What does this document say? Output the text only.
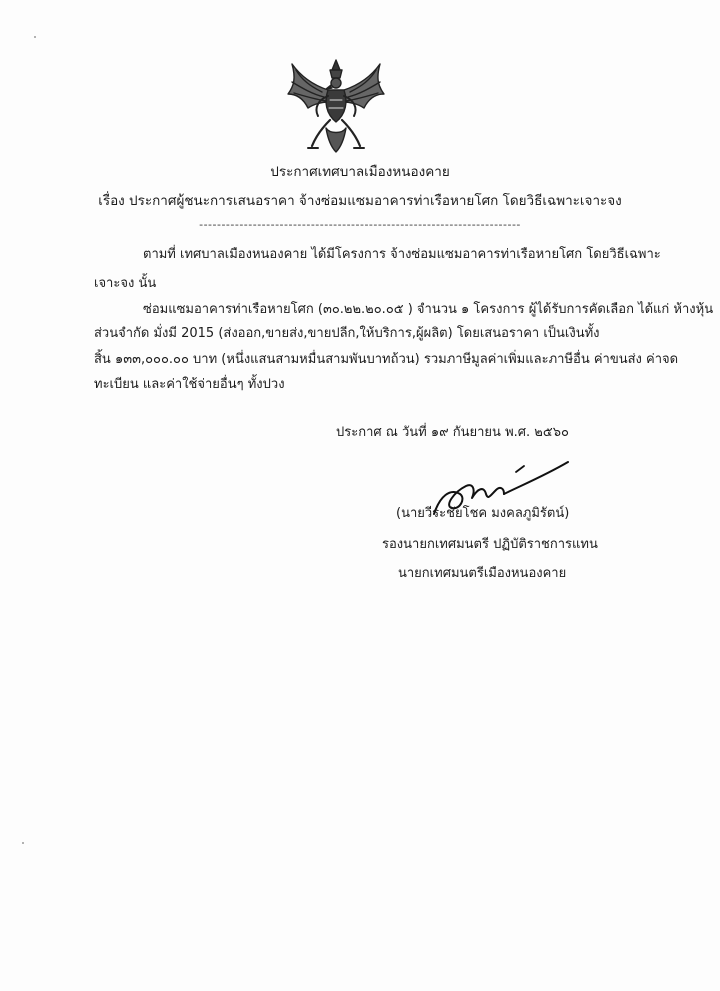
ประกาศเทศบาลเมืองหนองคาย
เรื่อง ประกาศผู้ชนะการเสนอราคา จ้างซ่อมแซมอาคารท่าเรือหายโศก โดยวิธีเฉพาะเจาะจง
------------------------------------------------------------------------
ตามที่ เทศบาลเมืองหนองคาย ได้มีโครงการ จ้างซ่อมแซมอาคารท่าเรือหายโศก โดยวิธีเฉพาะ
เจาะจง นั้น
ซ่อมแซมอาคารท่าเรือหายโศก (๓๐.๒๒.๒๐.๐๕ ) จำนวน ๑ โครงการ ผู้ได้รับการคัดเลือก ได้แก่ ห้างหุ้น
ส่วนจำกัด มั่งมี 2015 (ส่งออก,ขายส่ง,ขายปลีก,ให้บริการ,ผู้ผลิต) โดยเสนอราคา เป็นเงินทั้ง
สิ้น ๑๓๓,๐๐๐.๐๐ บาท (หนึ่งแสนสามหมื่นสามพันบาทถ้วน) รวมภาษีมูลค่าเพิ่มและภาษีอื่น ค่าขนส่ง ค่าจด
ทะเบียน และค่าใช้จ่ายอื่นๆ ทั้งปวง
ประกาศ ณ วันที่ ๑๙ กันยายน พ.ศ. ๒๕๖๐
(นายวีระชัยโชค มงคลภูมิรัตน์)
รองนายกเทศมนตรี ปฏิบัติราชการแทน
นายกเทศมนตรีเมืองหนองคาย
